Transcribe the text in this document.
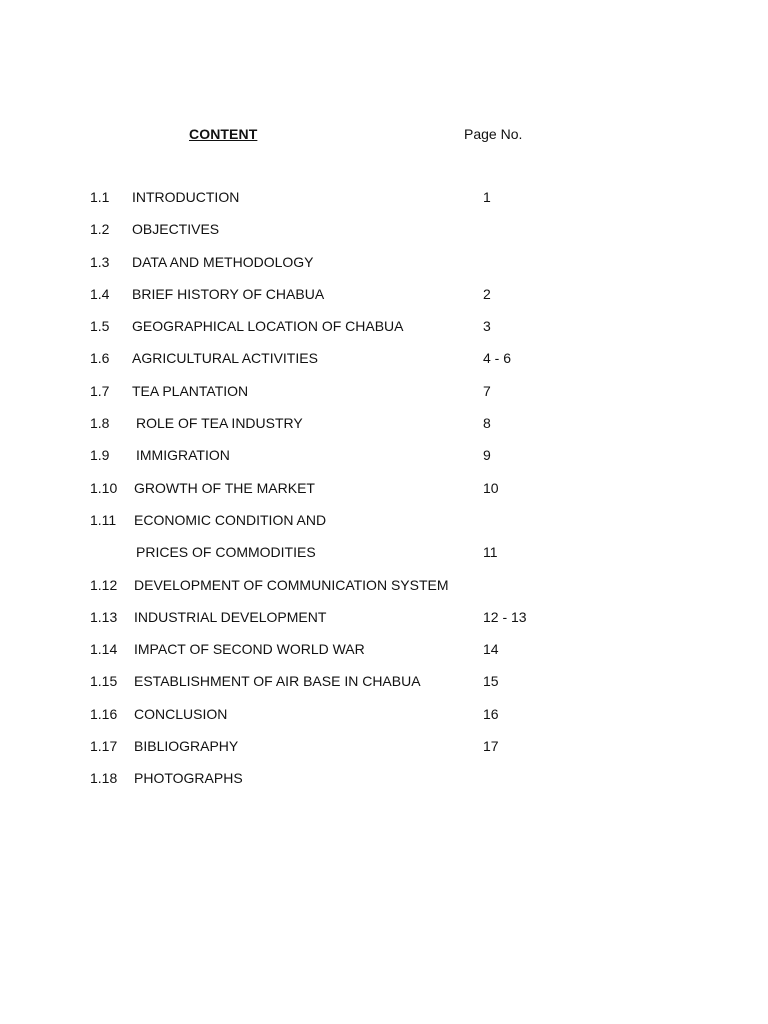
CONTENT	Page No.
1.1 INTRODUCTION	1
1.2 OBJECTIVES
1.3 DATA AND METHODOLOGY
1.4 BRIEF HISTORY OF CHABUA	2
1.5 GEOGRAPHICAL LOCATION OF CHABUA	3
1.6 AGRICULTURAL ACTIVITIES	4 - 6
1.7 TEA PLANTATION	7
1.8 ROLE OF TEA INDUSTRY	8
1.9 IMMIGRATION	9
1.10 GROWTH OF THE MARKET	10
1.11 ECONOMIC CONDITION AND
PRICES OF COMMODITIES	11
1.12 DEVELOPMENT OF COMMUNICATION SYSTEM
1.13 INDUSTRIAL DEVELOPMENT	12 - 13
1.14 IMPACT OF SECOND WORLD WAR	14
1.15 ESTABLISHMENT OF AIR BASE IN CHABUA	15
1.16 CONCLUSION	16
1.17 BIBLIOGRAPHY	17
1.18 PHOTOGRAPHS
